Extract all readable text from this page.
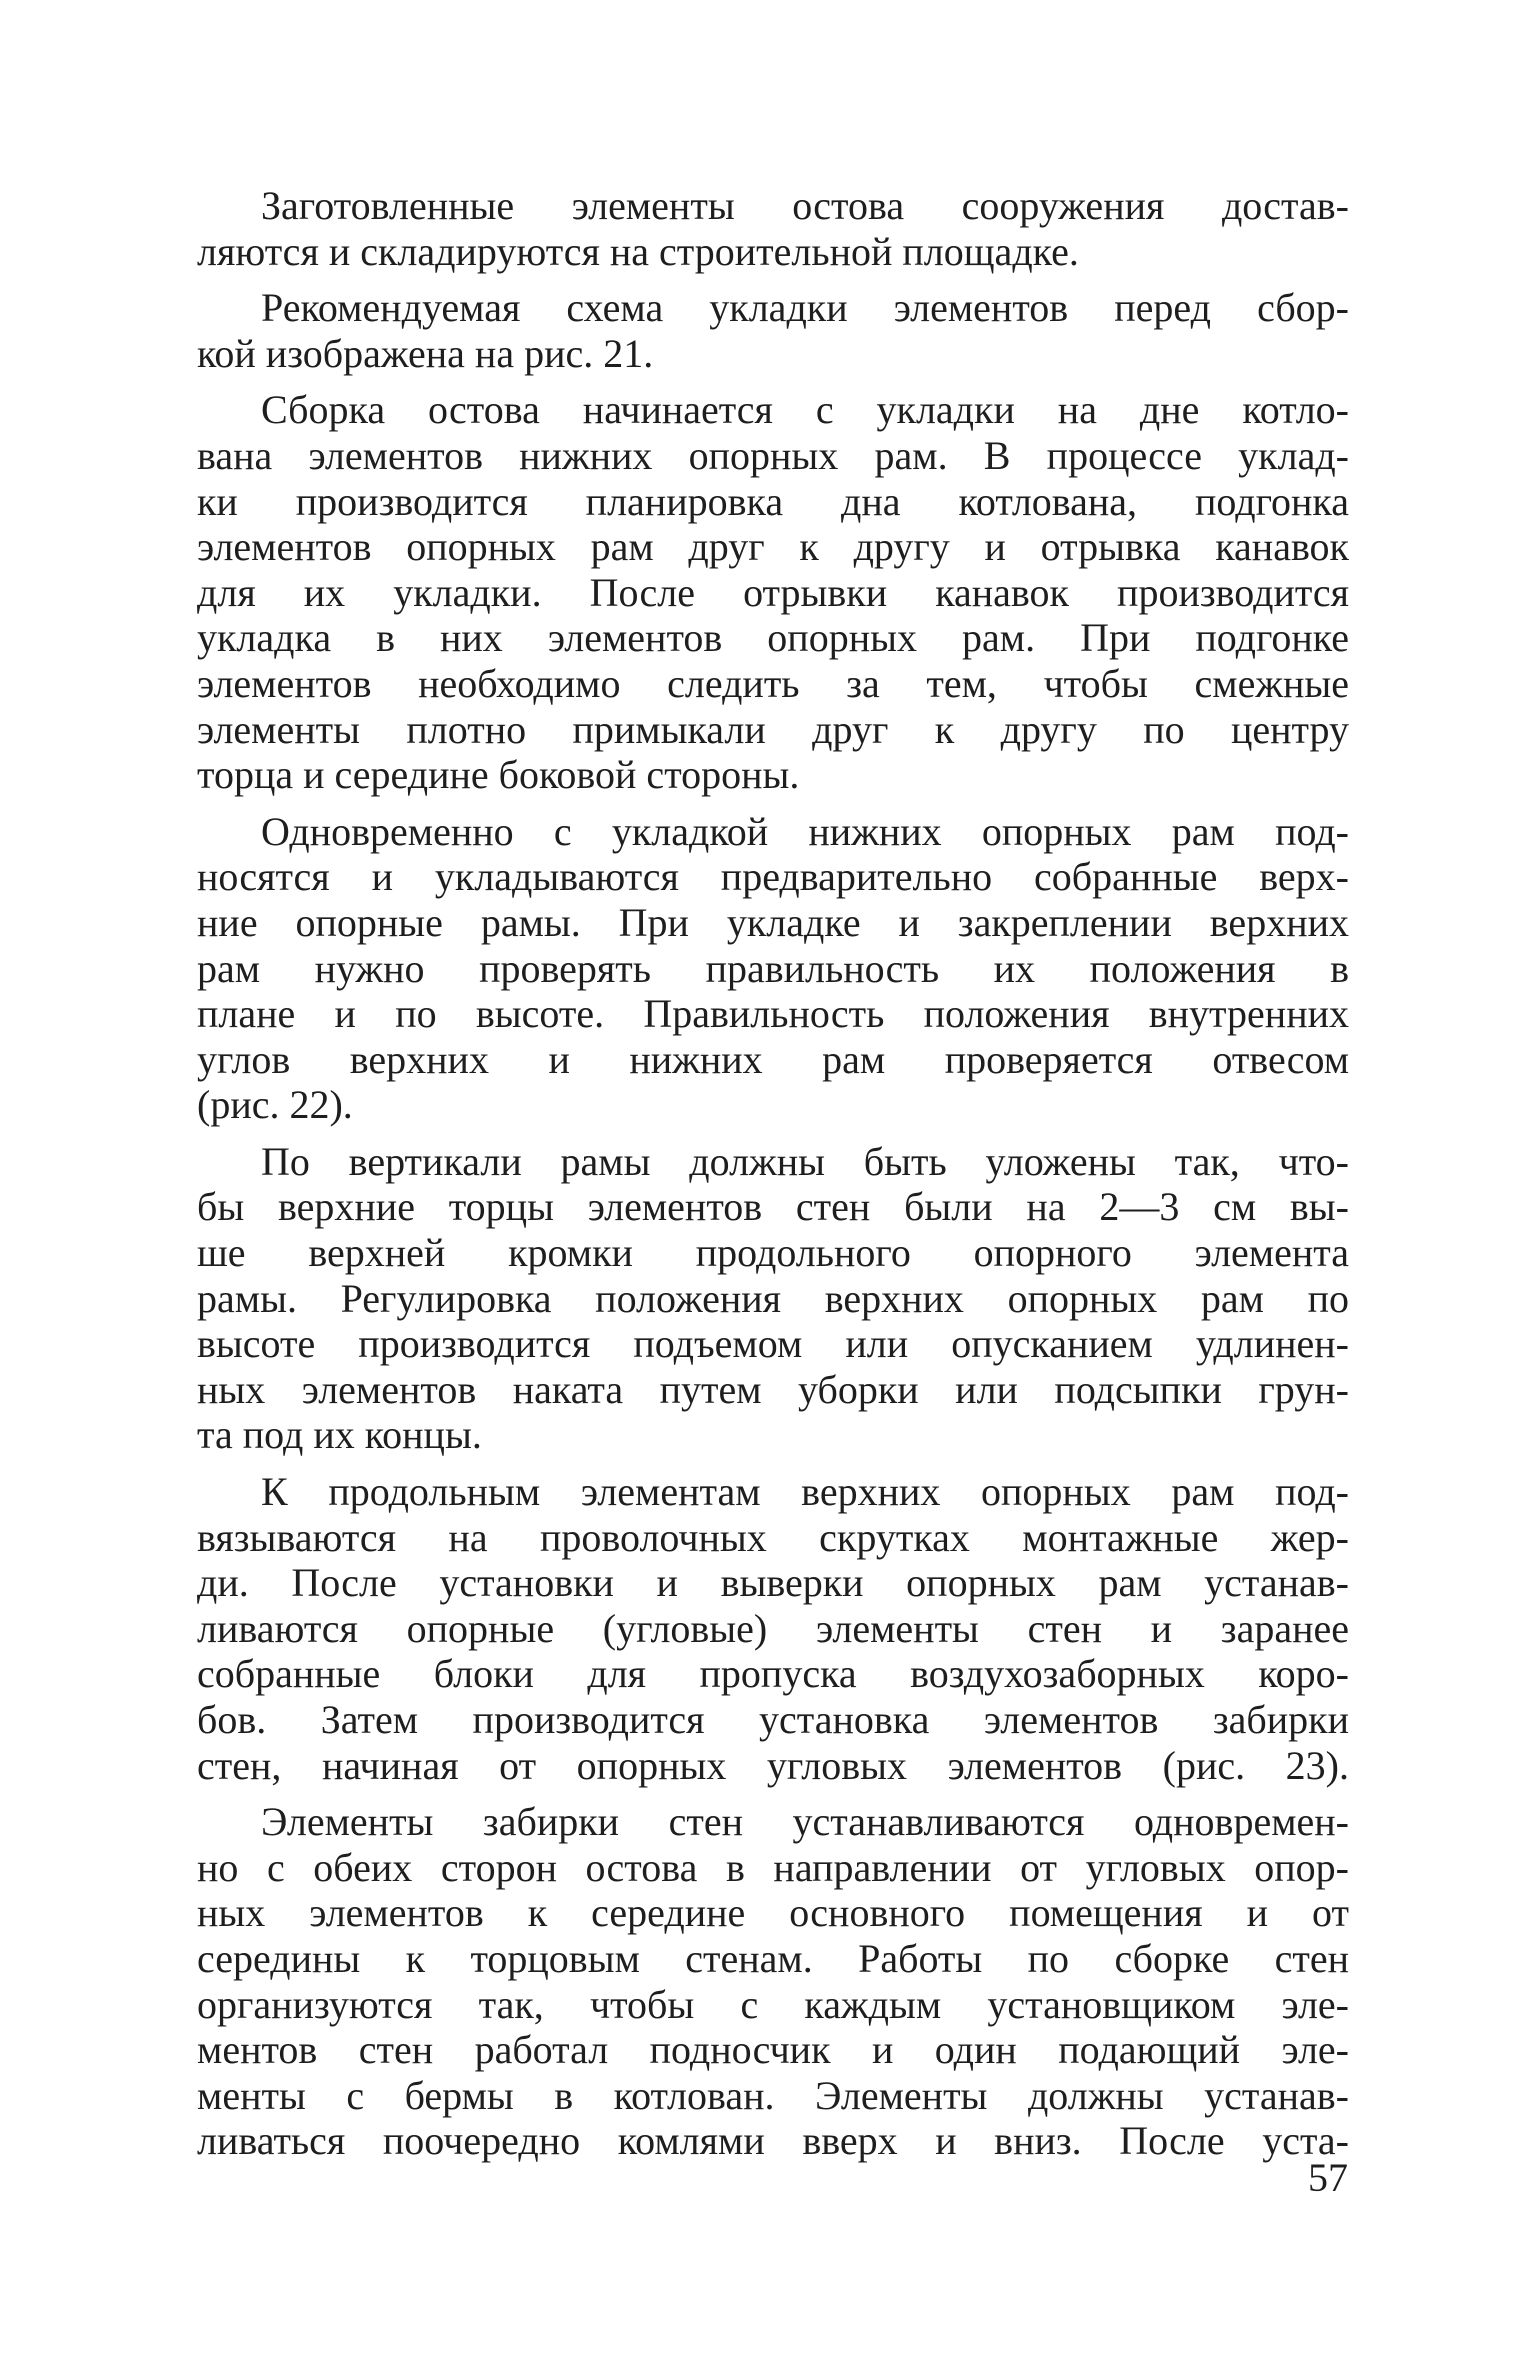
Заготовленные элементы остова сооружения достав-
ляются и складируются на строительной площадке.
Рекомендуемая схема укладки элементов перед сбор-
кой изображена на рис. 21.
Сборка остова начинается с укладки на дне котло-
вана элементов нижних опорных рам. В процессе уклад-
ки производится планировка дна котлована, подгонка
элементов опорных рам друг к другу и отрывка канавок
для их укладки. После отрывки канавок производится
укладка в них элементов опорных рам. При подгонке
элементов необходимо следить за тем, чтобы смежные
элементы плотно примыкали друг к другу по центру
торца и середине боковой стороны.
Одновременно с укладкой нижних опорных рам под-
носятся и укладываются предварительно собранные верх-
ние опорные рамы. При укладке и закреплении верхних
рам нужно проверять правильность их положения в
плане и по высоте. Правильность положения внутренних
углов верхних и нижних рам проверяется отвесом
(рис. 22).
По вертикали рамы должны быть уложены так, что-
бы верхние торцы элементов стен были на 2—3 см вы-
ше верхней кромки продольного опорного элемента
рамы. Регулировка положения верхних опорных рам по
высоте производится подъемом или опусканием удлинен-
ных элементов наката путем уборки или подсыпки грун-
та под их концы.
К продольным элементам верхних опорных рам под-
вязываются на проволочных скрутках монтажные жер-
ди. После установки и выверки опорных рам устанав-
ливаются опорные (угловые) элементы стен и заранее
собранные блоки для пропуска воздухозаборных коро-
бов. Затем производится установка элементов забирки
стен, начиная от опорных угловых элементов (рис. 23).
Элементы забирки стен устанавливаются одновремен-
но с обеих сторон остова в направлении от угловых опор-
ных элементов к середине основного помещения и от
середины к торцовым стенам. Работы по сборке стен
организуются так, чтобы с каждым установщиком эле-
ментов стен работал подносчик и один подающий эле-
менты с бермы в котлован. Элементы должны устанав-
ливаться поочередно комлями вверх и вниз. После уста-
57
